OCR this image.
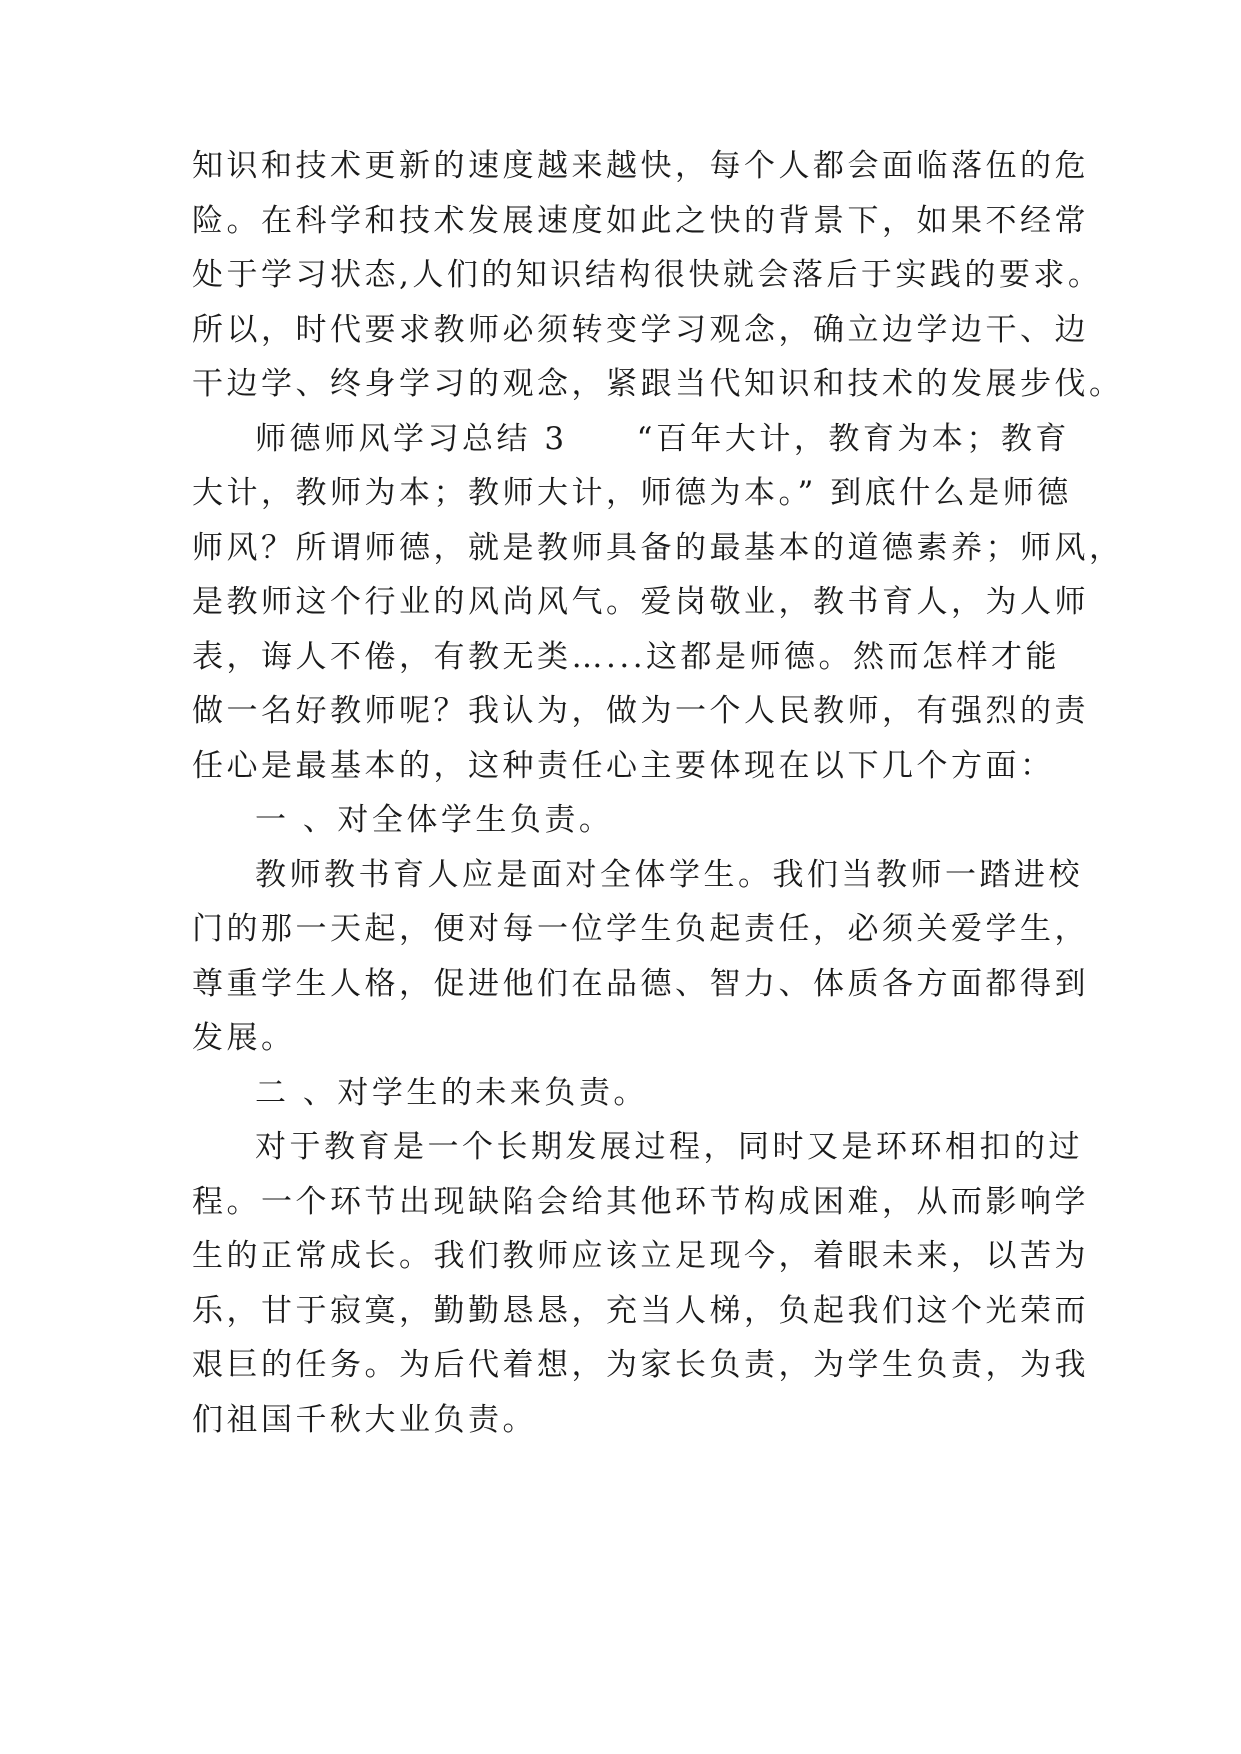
知识和技术更新的速度越来越快，每个人都会面临落伍的危
险。在科学和技术发展速度如此之快的背景下，如果不经常
处于学习状态,人们的知识结构很快就会落后于实践的要求。
所以，时代要求教师必须转变学习观念，确立边学边干、边
干边学、终身学习的观念，紧跟当代知识和技术的发展步伐。
师德师风学习总结 3　　“百年大计，教育为本；教育
大计，教师为本；教师大计，师德为本。” 到底什么是师德
师风？所谓师德，就是教师具备的最基本的道德素养；师风，
是教师这个行业的风尚风气。爱岗敬业，教书育人，为人师
表，诲人不倦，有教无类…...这都是师德。然而怎样才能
做一名好教师呢？我认为，做为一个人民教师，有强烈的责
任心是最基本的，这种责任心主要体现在以下几个方面：
一 、对全体学生负责。
教师教书育人应是面对全体学生。我们当教师一踏进校
门的那一天起，便对每一位学生负起责任，必须关爱学生，
尊重学生人格，促进他们在品德、智力、体质各方面都得到
发展。
二 、对学生的未来负责。
对于教育是一个长期发展过程，同时又是环环相扣的过
程。一个环节出现缺陷会给其他环节构成困难，从而影响学
生的正常成长。我们教师应该立足现今，着眼未来，以苦为
乐，甘于寂寞，勤勤恳恳，充当人梯，负起我们这个光荣而
艰巨的任务。为后代着想，为家长负责，为学生负责，为我
们祖国千秋大业负责。
